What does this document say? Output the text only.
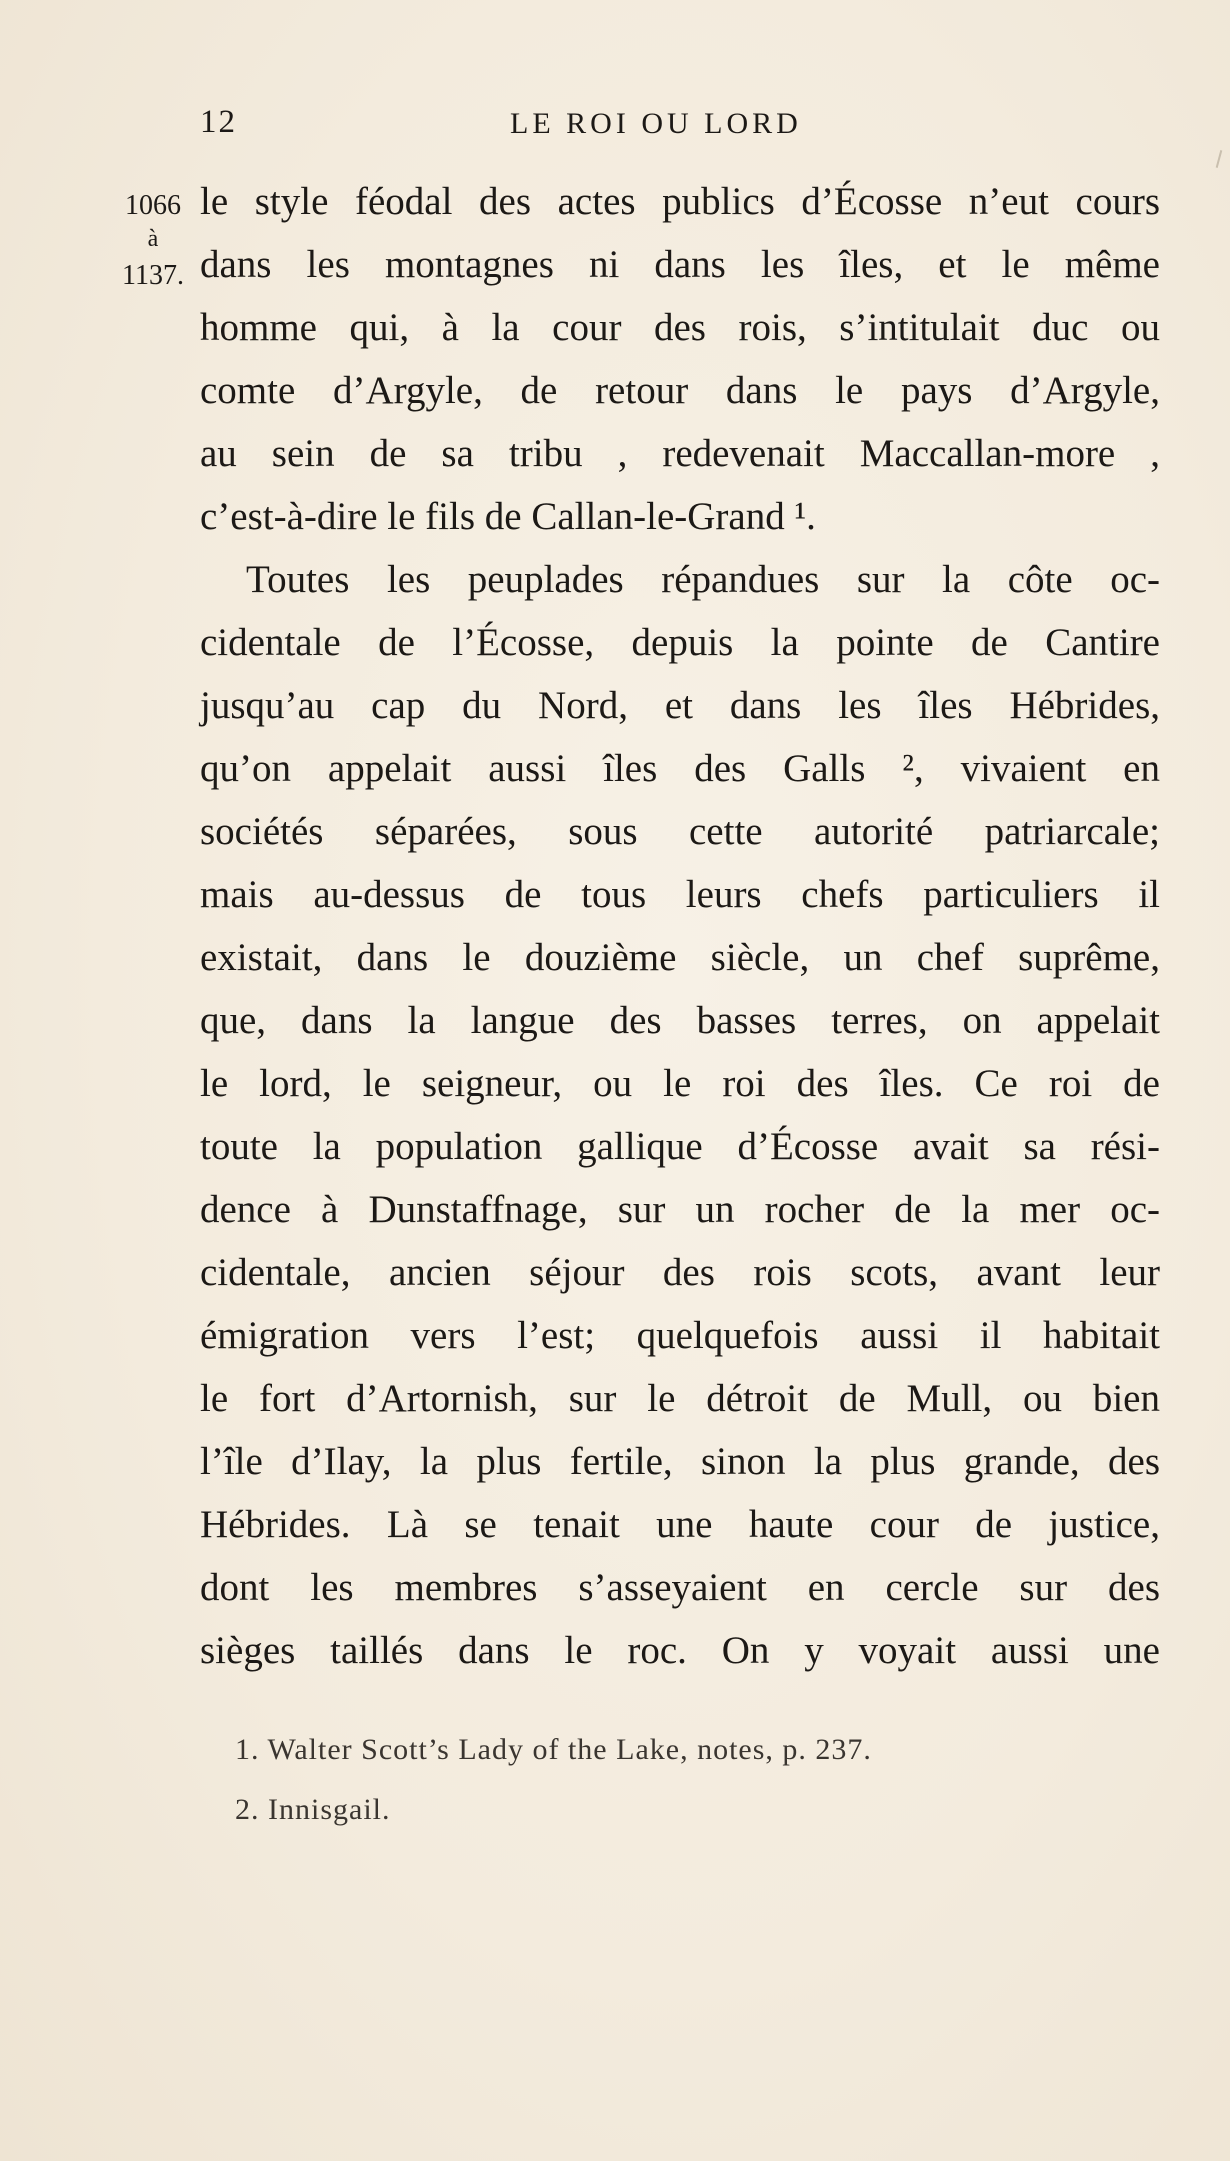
12	LE ROI OU LORD
1066
à
1137.
le style féodal des actes publics d’Écosse n’eut cours
dans les montagnes ni dans les îles, et le même
homme qui, à la cour des rois, s’intitulait duc ou
comte d’Argyle, de retour dans le pays d’Argyle,
au sein de sa tribu , redevenait Maccallan-more ,
c’est-à-dire le fils de Callan-le-Grand ¹.
Toutes les peuplades répandues sur la côte oc-
cidentale de l’Écosse, depuis la pointe de Cantire
jusqu’au cap du Nord, et dans les îles Hébrides,
qu’on appelait aussi îles des Galls ², vivaient en
sociétés séparées, sous cette autorité patriarcale;
mais au-dessus de tous leurs chefs particuliers il
existait, dans le douzième siècle, un chef suprême,
que, dans la langue des basses terres, on appelait
le lord, le seigneur, ou le roi des îles. Ce roi de
toute la population gallique d’Écosse avait sa rési-
dence à Dunstaffnage, sur un rocher de la mer oc-
cidentale, ancien séjour des rois scots, avant leur
émigration vers l’est; quelquefois aussi il habitait
le fort d’Artornish, sur le détroit de Mull, ou bien
l’île d’Ilay, la plus fertile, sinon la plus grande, des
Hébrides. Là se tenait une haute cour de justice,
dont les membres s’asseyaient en cercle sur des
sièges taillés dans le roc. On y voyait aussi une
1. Walter Scott’s Lady of the Lake, notes, p. 237.
2. Innisgail.
